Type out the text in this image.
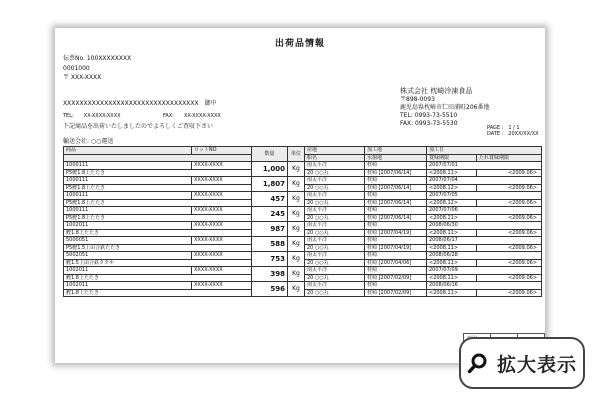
出荷品情報
伝票No. 100XXXXXXXX
0001000
〒 XXX-XXXX
株式会社 枕崎冷凍食品
〒898-0093
鹿児島県枕崎市仁田浦町206番地
TEL: 0993-73-5510
FAX: 0993-73-5530
XXXXXXXXXXXXXXXXXXXXXXXXXXXXXXXXX　御中
TEL:　　XX-XXXX-XXXX	FAX:　　XX-XXXX-XXXX
下記商品を出荷いたしましたのでよろしくご査収下さい	PAGE :　1 / 1
DATE :　20XX/XX/XX
輸送会社: ○○運送
商品	ロットNO	数量	単位	産地	加工地	加工日	
				船名	水揚地	賞味期限	たれ賞味期限
1000111	XXXX-XXXX	1,000	Kg	南太平洋	枕崎	2007/07/01	
P5鰹1.8上たたき				20 ○○丸	枕崎 [2007/06/14]	<2008.11>	<2009.06>
1000111	XXXX-XXXX	1,807	Kg	南太平洋	枕崎	2007/07/04	
P5鰹1.8上たたき				20 ○○丸	枕崎 [2007/06/14]	<2008.12>	<2009.06>
1000111	XXXX-XXXX	457	Kg	南太平洋	枕崎	2007/07/05	
P5鰹1.8上たたき				20 ○○丸	枕崎 [2007/06/14]	<2008.12>	<2009.06>
1000111	XXXX-XXXX	245	Kg	南太平洋	枕崎	2007/07/06	
P5鰹1.8上たたき				20 ○○丸	枕崎 [2007/06/14]	<2008.11>	<2009.06>
1002011	XXXX-XXXX	987	Kg	南太平洋	枕崎	2008/06/30	
鰹1.8上たたき				20 ○○丸	枕崎 [2007/04/19]	<2008.11>	<2009.06>
5000051	XXXX-XXXX	588	Kg	南太平洋	枕崎	2008/06/17	
P5鰹1.5上由合鉄たたき				20 ○○丸	枕崎 [2007/04/19]	<2008.11>	<2009.06>
5002051	XXXX-XXXX	753	Kg	南太平洋	枕崎	2008/06/28	
鰹1.5上由合鉄タタキ				20 ○○丸	枕崎 [2007/04/06]	<2008.11>	<2009.06>
1002011	XXXX-XXXX	398	Kg	南太平洋	枕崎	2007/07/09	
鰹1.8上たたき				20 ○○丸	枕崎 [2007/02/09]	<2008.11>	<2009.06>
1002011	XXXX-XXXX	596	Kg	南太平洋	枕崎	2008/06/16	
鰹1.8上たたき				20 ○○丸	枕崎 [2007/02/09]	<2008.11>	<2009.06>
拡大表示
